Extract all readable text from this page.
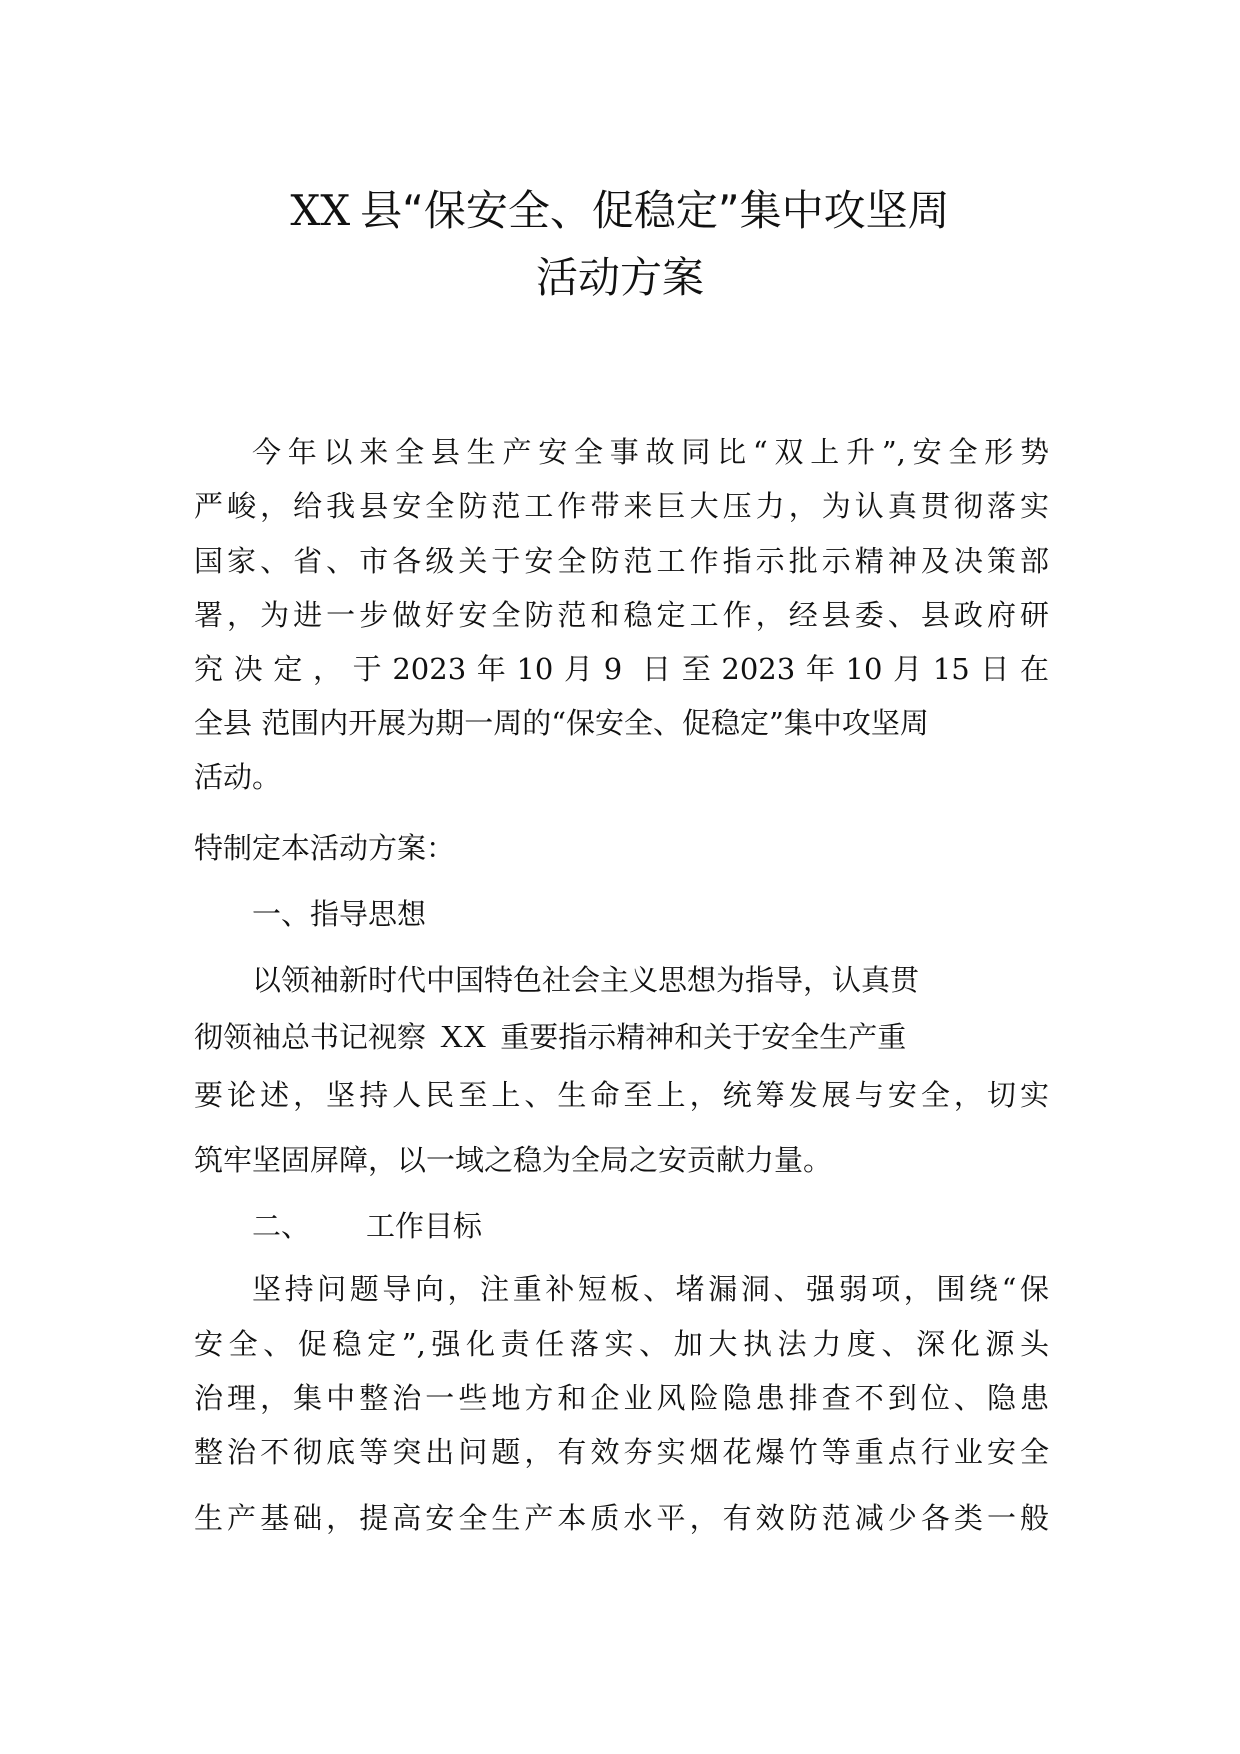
XX 县“保安全、促稳定”集中攻坚周
活动方案
今年以来全县生产安全事故同比“双上升”,安全形势
严峻，给我县安全防范工作带来巨大压力，为认真贯彻落实
国家、省、市各级关于安全防范工作指示批示精神及决策部
署，为进一步做好安全防范和稳定工作，经县委、县政府研
究决定，于2023年10月9 日至2023年10月15日在
全县 范围内开展为期一周的“保安全、促稳定”集中攻坚周
活动。
特制定本活动方案：
一、指导思想
以领袖新时代中国特色社会主义思想为指导，认真贯
彻领袖总书记视察 XX 重要指示精神和关于安全生产重
要论述，坚持人民至上、生命至上，统筹发展与安全，切实
筑牢坚固屏障，以一域之稳为全局之安贡献力量。
二、 工作目标
坚持问题导向，注重补短板、堵漏洞、强弱项，围绕“保
安全、促稳定”,强化责任落实、加大执法力度、深化源头
治理，集中整治一些地方和企业风险隐患排查不到位、隐患
整治不彻底等突出问题，有效夯实烟花爆竹等重点行业安全
生产基础，提高安全生产本质水平，有效防范减少各类一般
